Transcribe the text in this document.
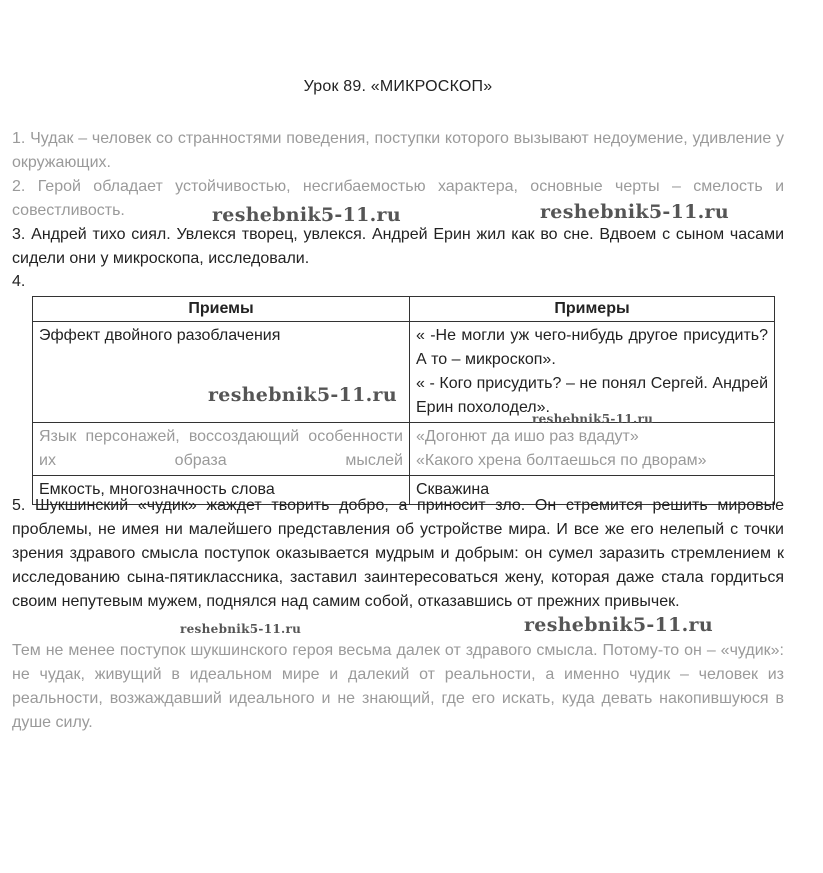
Урок 89. «МИКРОСКОП»
1. Чудак – человек со странностями поведения, поступки которого вызывают недоумение, удивление у окружающих.
2. Герой обладает устойчивостью, несгибаемостью характера, основные черты – смелость и совестливость.
3. Андрей тихо сиял. Увлекся творец, увлекся. Андрей Ерин жил как во сне. Вдвоем с сыном часами сидели они у микроскопа, исследовали.
4.
Приемы	Примеры
Эффект двойного разоблачения	« -Не могли уж чего-нибудь другое присудить? А то – микроскоп».
« - Кого присудить? – не понял Сергей. Андрей Ерин похолодел».

Язык персонажей, воссоздающий особенности их образа мыслей	«Догонют да ишо раз вдадут»
«Какого хрена болтаешься по дворам»

Емкость, многозначность слова	Скважина
5. Шукшинский «чудик» жаждет творить добро, а приносит зло. Он стремится решить мировые проблемы, не имея ни малейшего представления об устройстве мира. И все же его нелепый с точки зрения здравого смысла поступок оказывается мудрым и добрым: он сумел заразить стремлением к исследованию сына-пятиклассника, заставил заинтересоваться жену, которая даже стала гордиться своим непутевым мужем, поднялся над самим собой, отказавшись от прежних привычек.
Тем не менее поступок шукшинского героя весьма далек от здравого смысла. Потому-то он – «чудик»: не чудак, живущий в идеальном мире и далекий от реальности, а именно чудик – человек из реальности, возжаждавший идеального и не знающий, где его искать, куда девать накопившуюся в душе силу.
reshebnik5-11.ru	reshebnik5-11.ru
reshebnik5-11.ru
reshebnik5-11.ru
reshebnik5-11.ru
reshebnik5-11.ru
